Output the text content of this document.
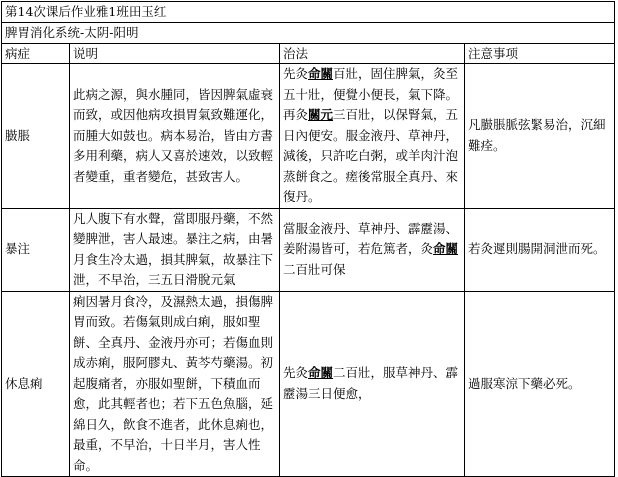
第14次课后作业雅1班田玉红			
脾胃消化系统-太阴-阳明			
病症	说明	治法	注意事项
臌脹	此病之源，與水腫同，皆因脾氣虛衰而致，或因他病攻損胃氣致難運化，而腫大如鼓也。病本易治，皆由方書多用利藥，病人又喜於速效，以致輕者變重，重者變危，甚致害人。	先灸命關百壯，固住脾氣，灸至五十壯，便覺小便長，氣下降。再灸關元三百壯，以保腎氣，五日內便安。服金液丹、草神丹，減後，只許吃白粥，或羊肉汁泡蒸餅食之。瘥後常服全真丹、來復丹。	凡臌脹脈弦緊易治，沉細難痊。
暴注	凡人腹下有水聲，當即服丹藥，不然變脾泄，害人最速。暴注之病，由暑月食生冷太過，損其脾氣，故暴注下泄，不早治，三五日滑脫元氣	當服金液丹、草神丹、霹靂湯、姜附湯皆可，若危篤者，灸命關二百壯可保	若灸遲則腸開洞泄而死。
休息痢	痢因暑月食冷，及濕熱太過，損傷脾胃而致。若傷氣則成白痢，服如聖餅、全真丹、金液丹亦可；若傷血則成赤痢，服阿膠丸、黃芩芍藥湯。初起腹痛者，亦服如聖餅，下積血而愈，此其輕者也；若下五色魚腦，延綿日久，飲食不進者，此休息痢也，最重，不早治，十日半月，害人性命。	先灸命關二百壯，服草神丹、霹靂湯三日便愈，	過服寒涼下藥必死。
